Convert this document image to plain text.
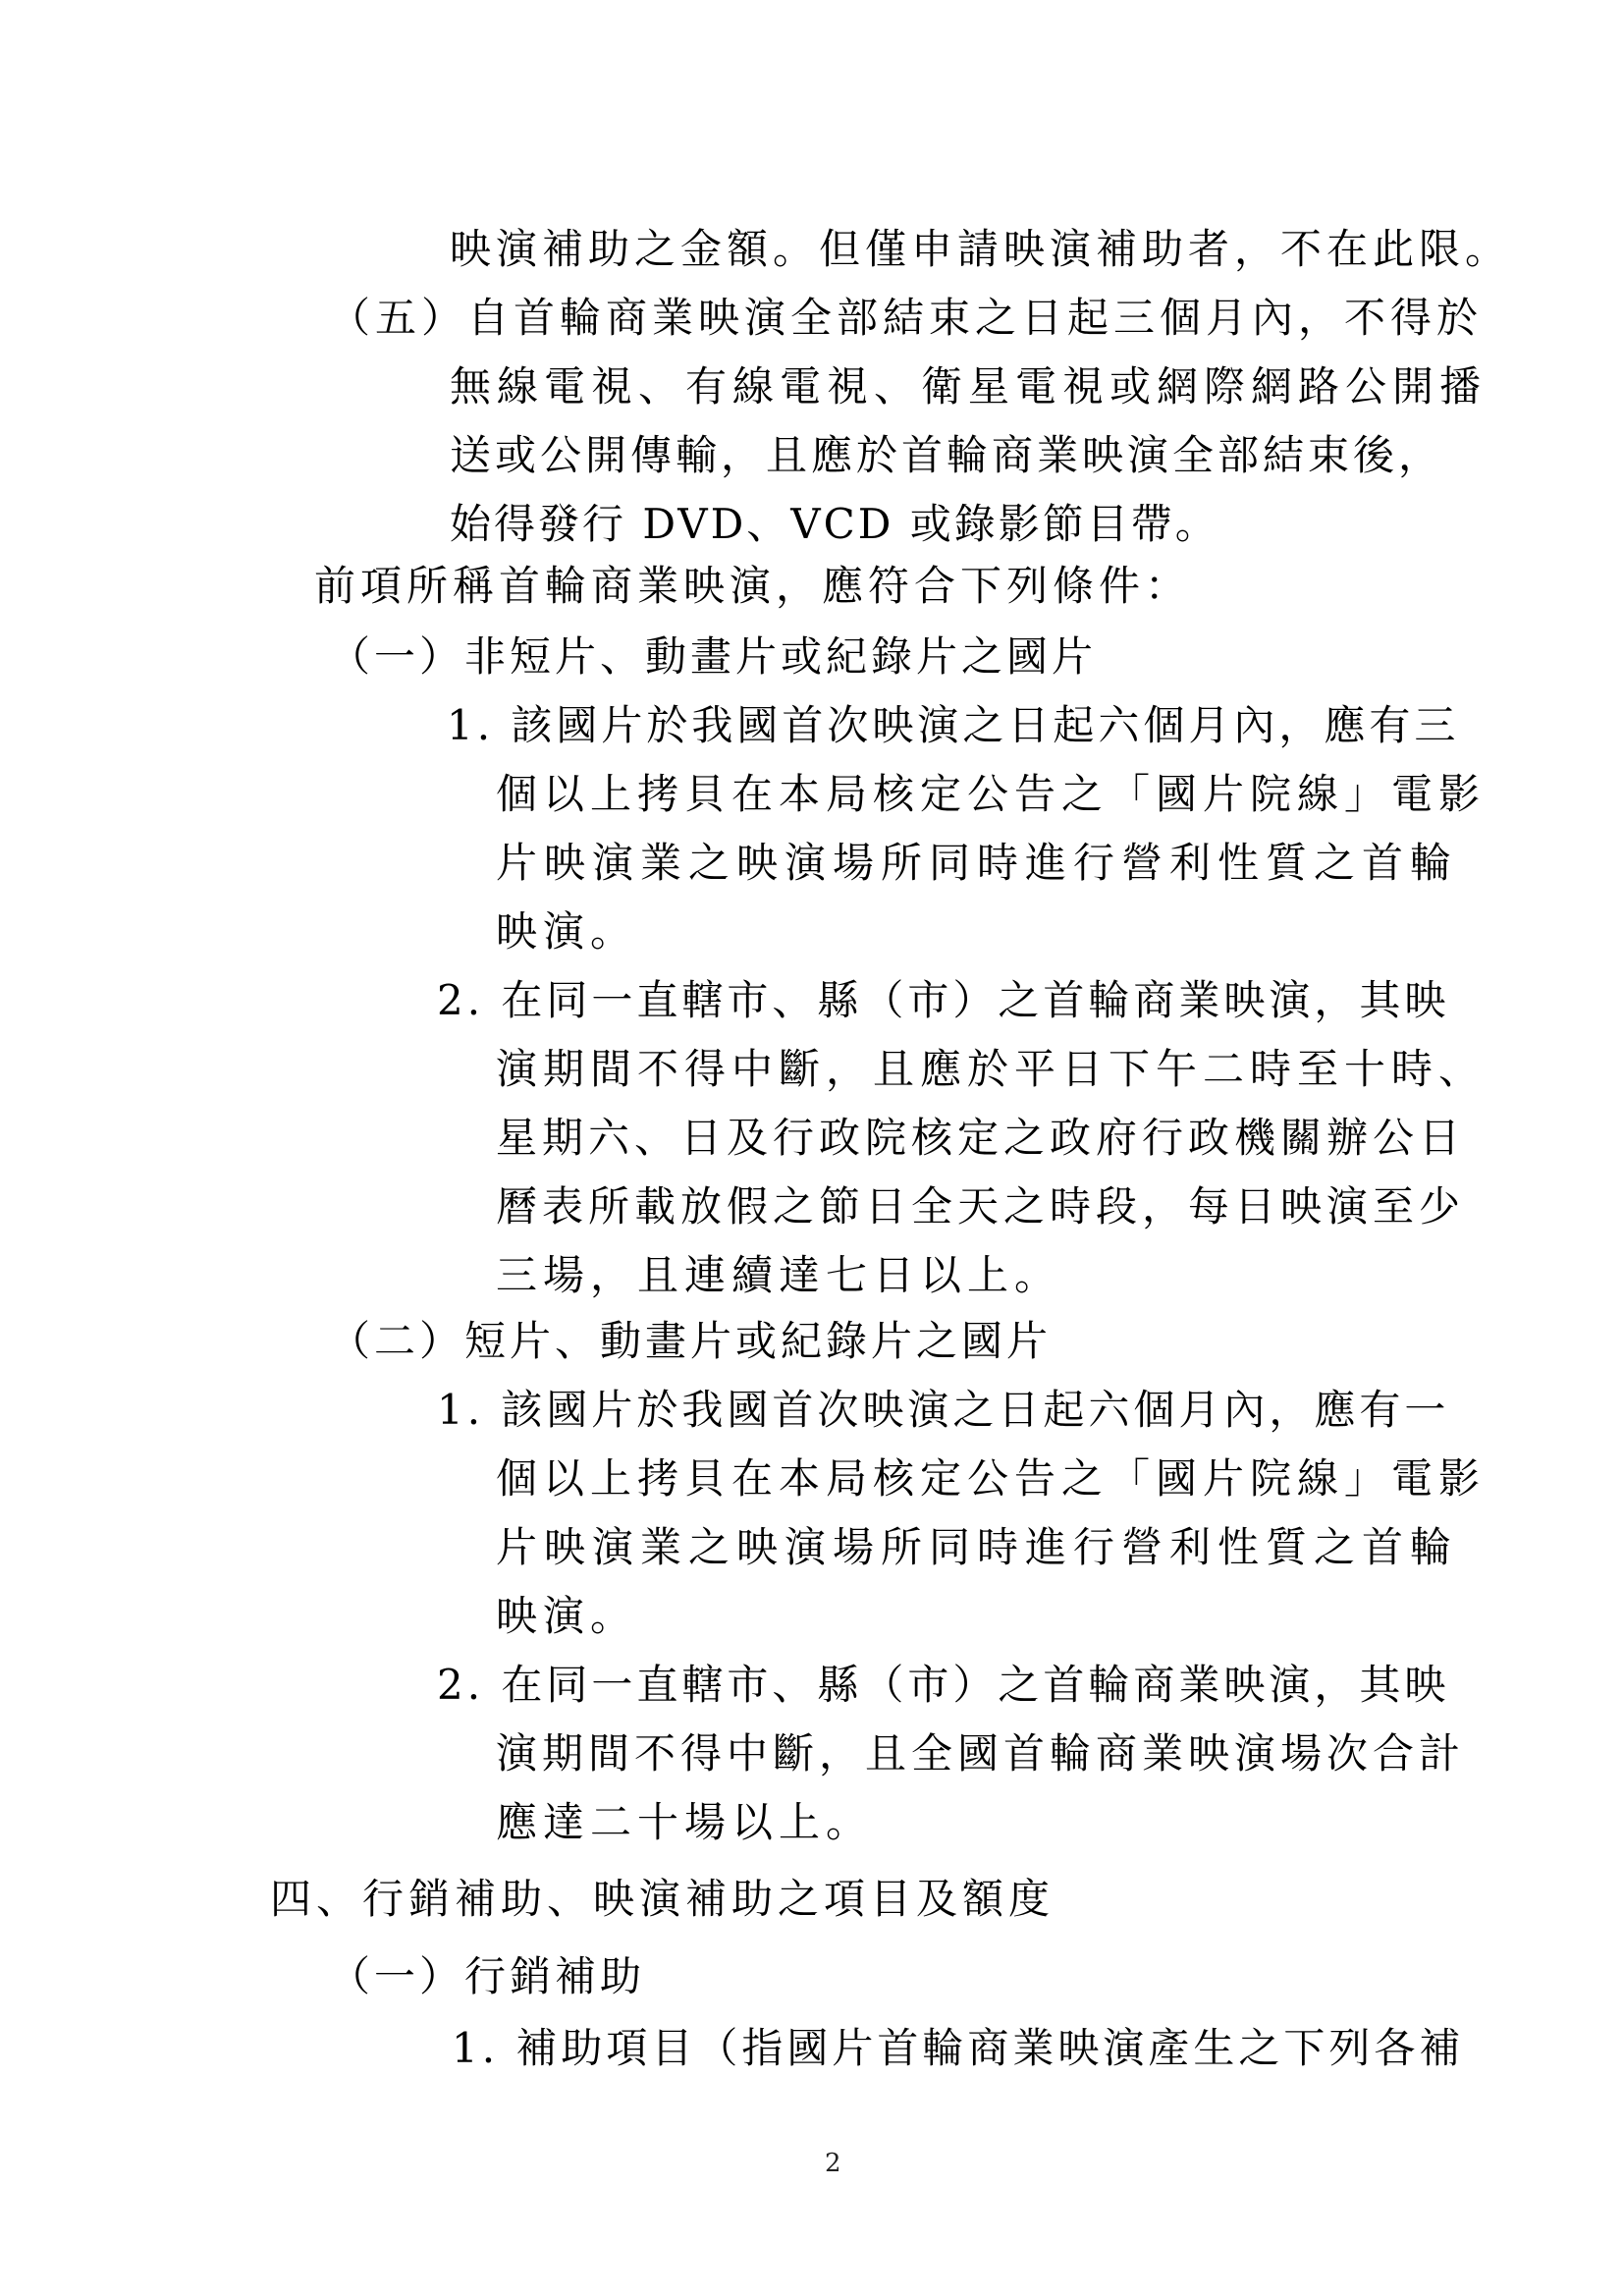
映演補助之金額。但僅申請映演補助者，不在此限。
（五）自首輪商業映演全部結束之日起三個月內，不得於
無線電視、有線電視、衛星電視或網際網路公開播
送或公開傳輸，且應於首輪商業映演全部結束後，
始得發行 DVD、VCD 或錄影節目帶。
前項所稱首輪商業映演，應符合下列條件：
（一）非短片、動畫片或紀錄片之國片
1. 該國片於我國首次映演之日起六個月內，應有三
個以上拷貝在本局核定公告之「國片院線」電影
片映演業之映演場所同時進行營利性質之首輪
映演。
2. 在同一直轄市、縣（市）之首輪商業映演，其映
演期間不得中斷，且應於平日下午二時至十時、
星期六、日及行政院核定之政府行政機關辦公日
曆表所載放假之節日全天之時段，每日映演至少
三場，且連續達七日以上。
（二）短片、動畫片或紀錄片之國片
1. 該國片於我國首次映演之日起六個月內，應有一
個以上拷貝在本局核定公告之「國片院線」電影
片映演業之映演場所同時進行營利性質之首輪
映演。
2. 在同一直轄市、縣（市）之首輪商業映演，其映
演期間不得中斷，且全國首輪商業映演場次合計
應達二十場以上。
四、行銷補助、映演補助之項目及額度
（一）行銷補助
1. 補助項目（指國片首輪商業映演產生之下列各補
2
